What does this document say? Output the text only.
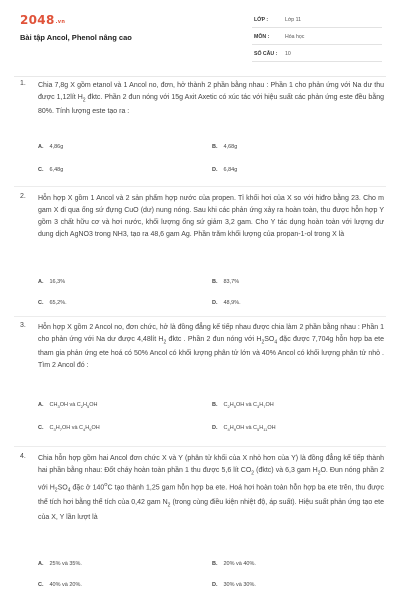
2048.vn
Bài tập Ancol, Phenol nâng cao
LỚP :	Lớp 11
MÔN :	Hóa học
SỐ CÂU : 10
1. Chia 7,8g X gồm etanol và 1 Ancol no, đơn, hở thành 2 phần bằng nhau : Phần 1 cho phản ứng với Na dư thu được 1,12lít $H_2$ đktc. Phần 2 đun nóng với 15g Axit Axetic có xúc tác với hiệu suất các phản ứng este đều bằng 80%. Tính lượng este tạo ra :
A. 4,86g	B. 4,68g
C. 6,48g	D. 6,84g
2. Hỗn hợp X gồm 1 Ancol và 2 sản phẩm hợp nước của propen. Tỉ khối hơi của X so với hiđro bằng 23. Cho m gam X đi qua ống sứ đựng CuO (dư) nung nóng. Sau khi các phản ứng xảy ra hoàn toàn, thu được hỗn hợp Y gồm 3 chất hữu cơ và hơi nước, khối lượng ống sứ giảm 3,2 gam. Cho Y tác dụng hoàn toàn với lượng dư dung dịch AgNO3 trong NH3, tạo ra 48,6 gam Ag. Phần trăm khối lượng của propan-1-ol trong X là
A. 16,3%	B. 83,7%
C. 65,2%.	D. 48,9%.
3. Hỗn hợp X gồm 2 Ancol no, đơn chức, hở là đồng đẳng kế tiếp nhau được chia làm 2 phần bằng nhau : Phần 1 cho phản ứng với Na dư được 4,48lít $H_2$ đktc . Phần 2 đun nóng với $H_2SO_4$ đặc được 7,704g hỗn hợp ba ete tham gia phản ứng ete hoá có 50% Ancol có khối lượng phân tử lớn và 40% Ancol có khối lượng phân tử nhỏ . Tìm 2 Ancol đó :
A. $CH_3OH$ và $C_2H_5OH$	B. $C_2H_5OH$ và $C_3H_7OH$
C. $C_3H_7OH$ và $C_4H_9OH$	D. $C_4H_9OH$ và $C_5H_{11}OH$
4. Chia hỗn hợp gồm hai Ancol đơn chức X và Y (phân tử khối của X nhỏ hơn của Y) là đồng đẳng kế tiếp thành hai phần bằng nhau: Đốt cháy hoàn toàn phần 1 thu được 5,6 lít $CO_2$ (đktc) và 6,3 gam $H_2O$. Đun nóng phần 2 với $H_2SO_4$ đặc ở 140$^o$C tạo thành 1,25 gam hỗn hợp ba ete. Hoá hơi hoàn toàn hỗn hợp ba ete trên, thu được thể tích hơi bằng thể tích của 0,42 gam $N_2$ (trong cùng điều kiện nhiệt độ, áp suất). Hiệu suất phản ứng tạo ete của X, Y lần lượt là
A. 25% và 35%.	B. 20% và 40%.
C. 40% và 20%.	D. 30% và 30%.
